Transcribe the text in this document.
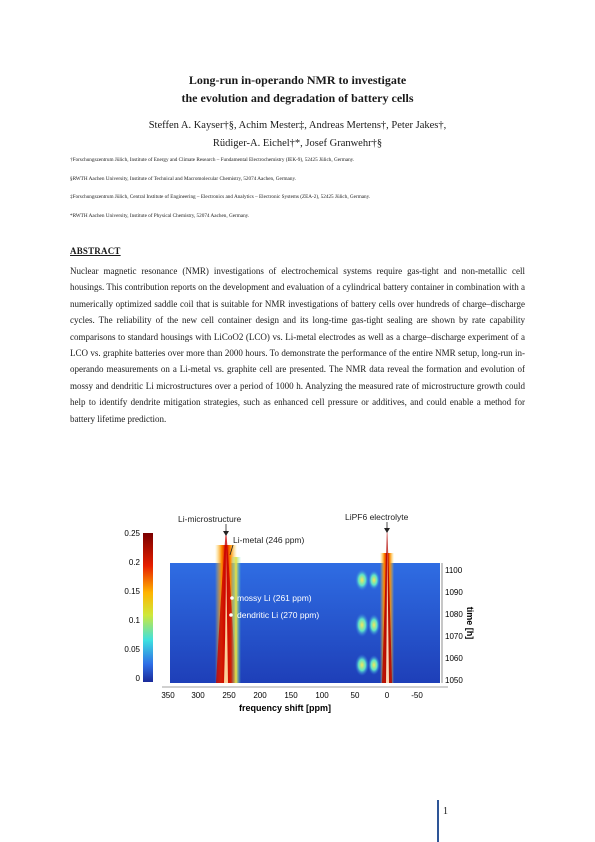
Long-run in-operando NMR to investigate
the evolution and degradation of battery cells
Steffen A. Kayser†§, Achim Mester‡, Andreas Mertens†, Peter Jakes†,
Rüdiger-A. Eichel†*, Josef Granwehr†§
†Forschungszentrum Jülich, Institute of Energy and Climate Research – Fundamental Electrochemistry (IEK-9), 52425 Jülich, Germany.
§RWTH Aachen University, Institute of Technical and Macromolecular Chemistry, 52074 Aachen, Germany.
‡Forschungszentrum Jülich, Central Institute of Engineering – Electronics and Analytics – Electronic Systems (ZEA-2), 52425 Jülich, Germany.
*RWTH Aachen University, Institute of Physical Chemistry, 52074 Aachen, Germany.
ABSTRACT
Nuclear magnetic resonance (NMR) investigations of electrochemical systems require gas-tight and non-metallic cell housings. This contribution reports on the development and evaluation of a cylindrical battery container in combination with a numerically optimized saddle coil that is suitable for NMR investigations of battery cells over hundreds of charge–discharge cycles. The reliability of the new cell container design and its long-time gas-tight sealing are shown by rate capability comparisons to standard housings with LiCoO2 (LCO) vs. Li-metal electrodes as well as a charge–discharge experiment of a LCO vs. graphite batteries over more than 2000 hours. To demonstrate the performance of the entire NMR setup, long-run in-operando measurements on a Li-metal vs. graphite cell are presented. The NMR data reveal the formation and evolution of mossy and dendritic Li microstructures over a period of 1000 h. Analyzing the measured rate of microstructure growth could help to identify dendrite mitigation strategies, such as enhanced cell pressure or additives, and could enable a method for battery lifetime prediction.
0.25
0.2
0.15
0.1
0.05
0
Li-microstructure	LiPF6 electrolyte
Li-metal (246 ppm)
Li in graphite
mossy Li (261 ppm)
dendritic Li (270 ppm)
1100
1090
1080
1070
1060
1050
time [h]
350 300 250 200 150 100	50	0	-50
frequency shift [ppm]
1
